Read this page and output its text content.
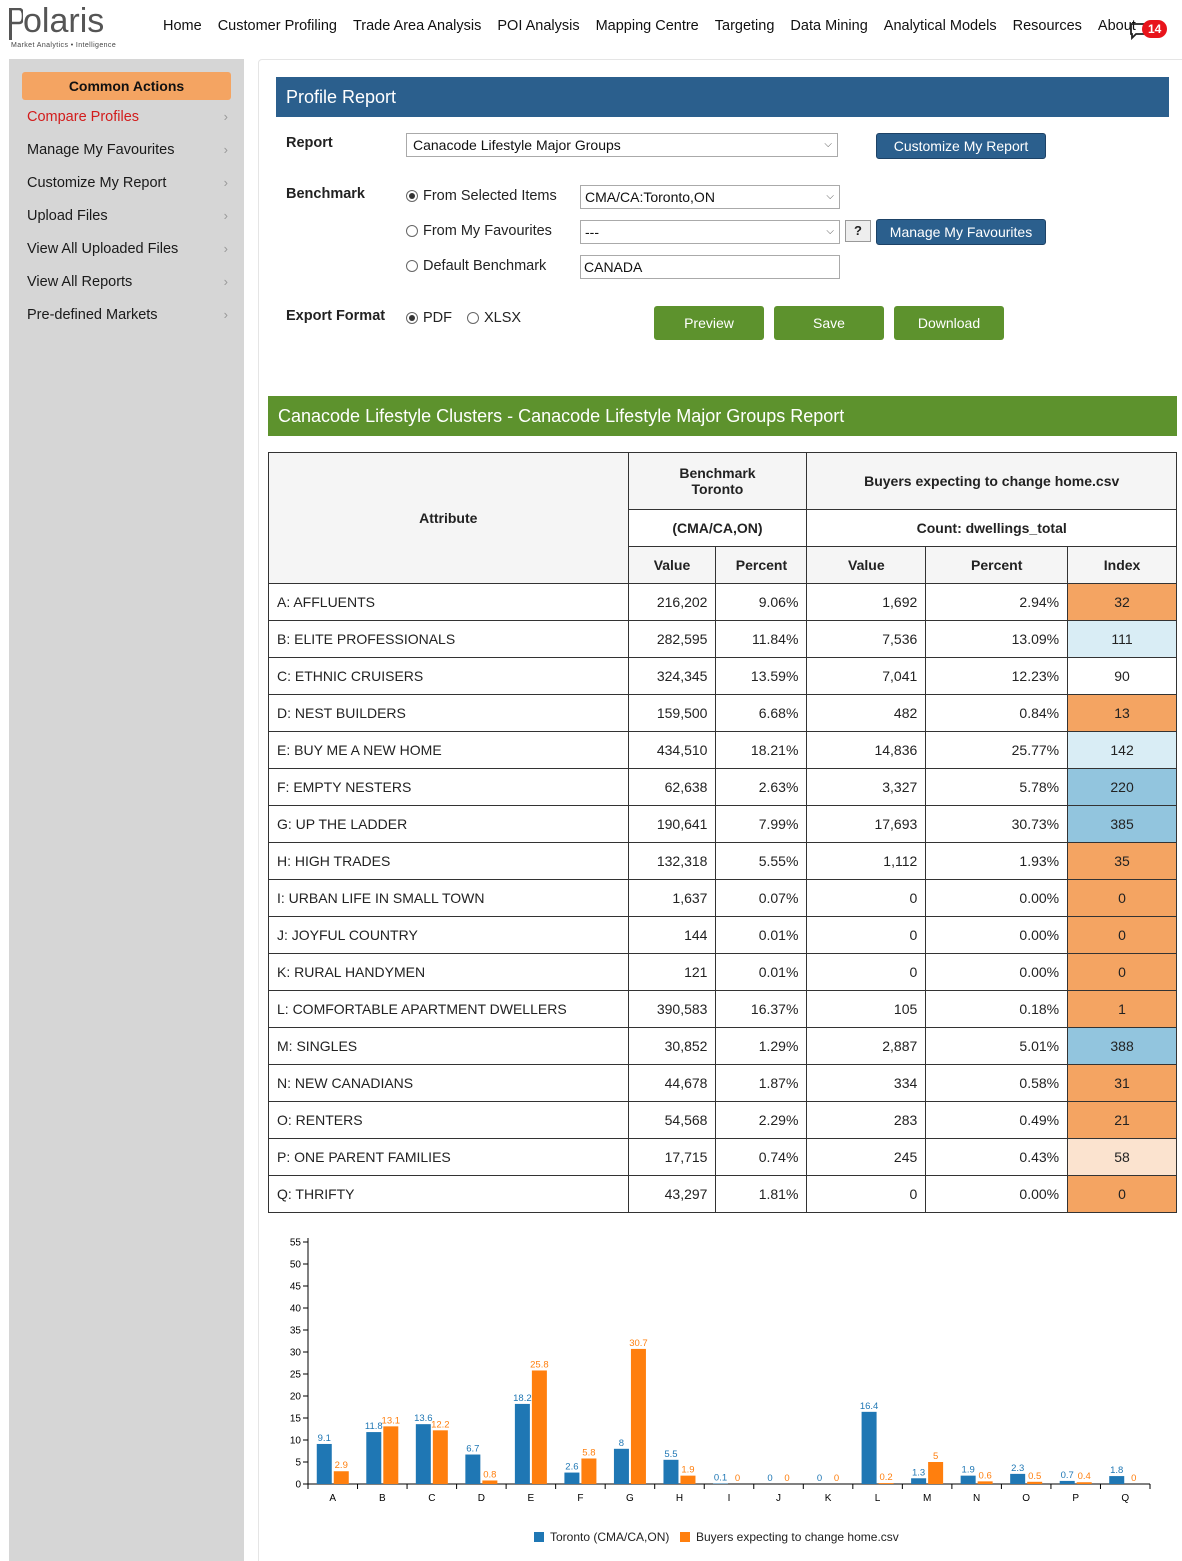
olaris
Market Analytics • Intelligence
Home	Customer Profiling	Trade Area Analysis	POI Analysis	Mapping Centre	Targeting	Data Mining	Analytical Models	Resources	About	14
Common Actions
Compare Profiles	›
Manage My Favourites	›
Customize My Report	›
Upload Files	›
View All Uploaded Files	›
View All Reports	›
Pre-defined Markets	›
Profile Report
Report	Canacode Lifestyle Major Groups	⌵	Customize My Report
Benchmark	From Selected Items	CMA/CA:Toronto,ON	⌵
From My Favourites	---	⌵	?	Manage My Favourites
Default Benchmark	CANADA
Export Format	PDF XLSX	Preview	Save	Download
Canacode Lifestyle Clusters - Canacode Lifestyle Major Groups Report
Attribute	Benchmark
Toronto		Buyers expecting to change home.csv		
	(CMA/CA,ON)		Count: dwellings_total		
	Value	Percent	Value	Percent	Index
A: AFFLUENTS	216,202	9.06%	1,692	2.94%	32
B: ELITE PROFESSIONALS	282,595	11.84%	7,536	13.09%	111
C: ETHNIC CRUISERS	324,345	13.59%	7,041	12.23%	90
D: NEST BUILDERS	159,500	6.68%	482	0.84%	13
E: BUY ME A NEW HOME	434,510	18.21%	14,836	25.77%	142
F: EMPTY NESTERS	62,638	2.63%	3,327	5.78%	220
G: UP THE LADDER	190,641	7.99%	17,693	30.73%	385
H: HIGH TRADES	132,318	5.55%	1,112	1.93%	35
I: URBAN LIFE IN SMALL TOWN	1,637	0.07%	0	0.00%	0
J: JOYFUL COUNTRY	144	0.01%	0	0.00%	0
K: RURAL HANDYMEN	121	0.01%	0	0.00%	0
L: COMFORTABLE APARTMENT DWELLERS	390,583	16.37%	105	0.18%	1
M: SINGLES	30,852	1.29%	2,887	5.01%	388
N: NEW CANADIANS	44,678	1.87%	334	0.58%	31
O: RENTERS	54,568	2.29%	283	0.49%	21
P: ONE PARENT FAMILIES	17,715	0.74%	245	0.43%	58
Q: THRIFTY	43,297	1.81%	0	0.00%	0
0
5
10
15
20
25
30
35
40
45
50
55
A
9.1
2.9
B
11.8
13.1
C
13.6
12.2
D
6.7
0.8
E
18.2
25.8
F
2.6
5.8
G
8
30.7
H
5.5
1.9
I
0.1 0
J
0 0
K
0 0
L
16.4
0.2
M
1.3
5
N
1.9
0.6
O
2.3
0.5
P
0.7 0.4
Q
1.8
0
Toronto (CMA/CA,ON) Buyers expecting to change home.csv
